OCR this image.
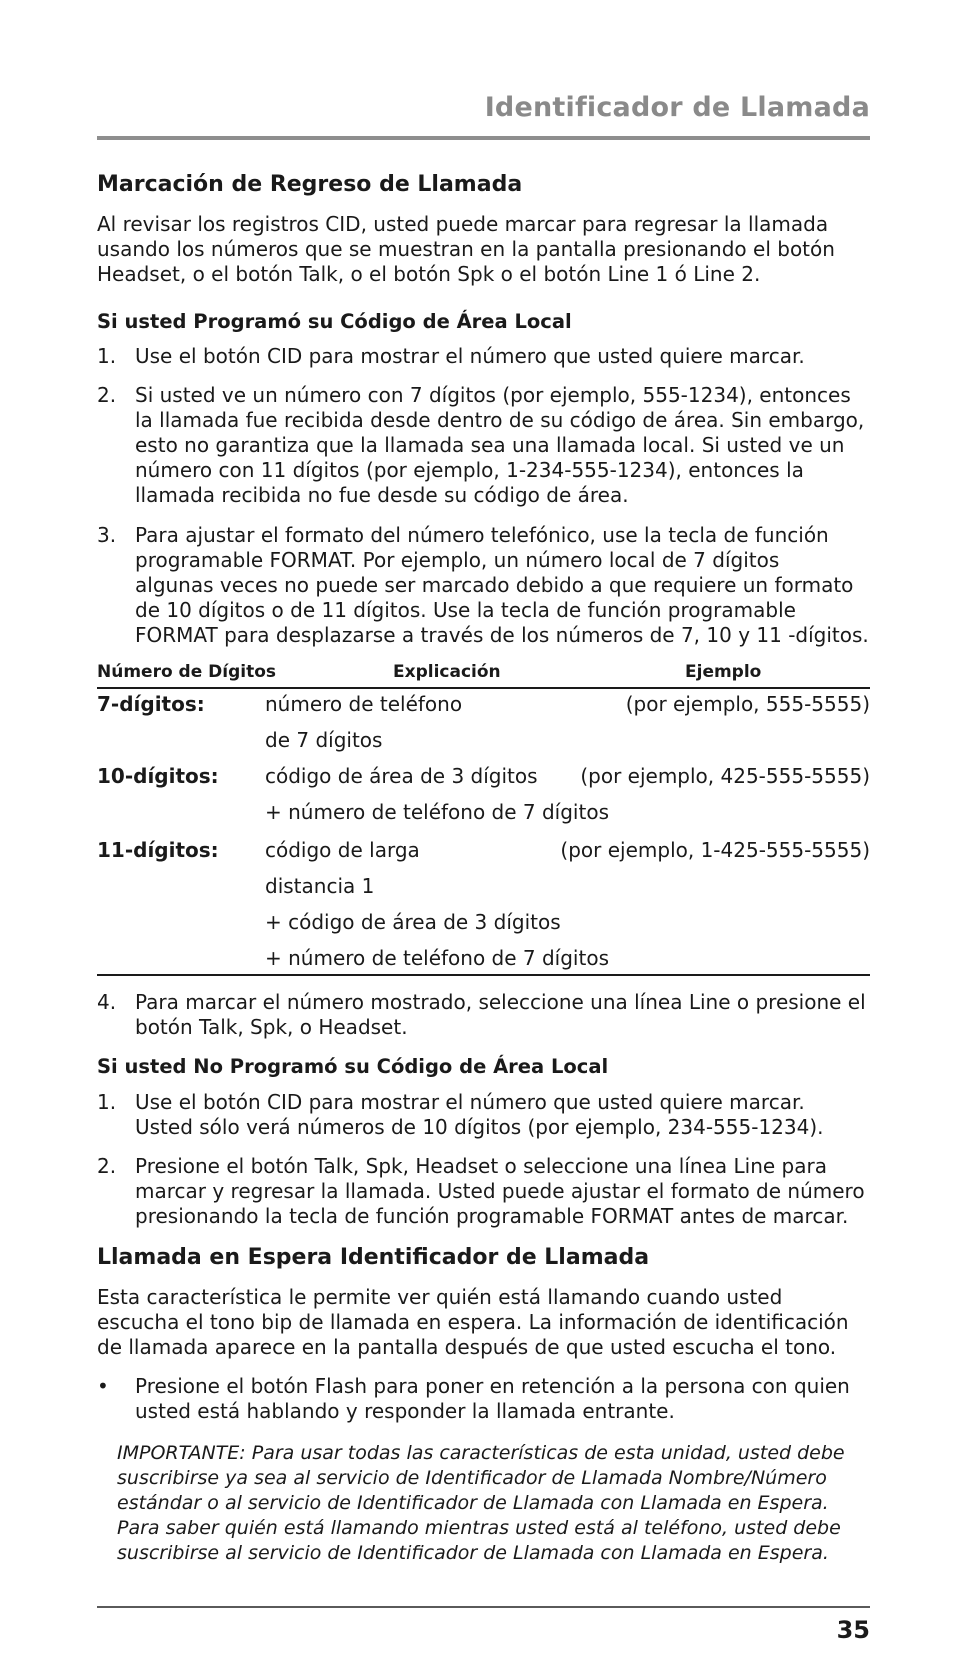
Identificador de Llamada
Marcación de Regreso de Llamada
Al revisar los registros CID, usted puede marcar para regresar la llamada
usando los números que se muestran en la pantalla presionando el botón
Headset, o el botón Talk, o el botón Spk o el botón Line 1 ó Line 2.
Si usted Programó su Código de Área Local
1. Use el botón CID para mostrar el número que usted quiere marcar.
2. Si usted ve un número con 7 dígitos (por ejemplo, 555-1234), entonces
la llamada fue recibida desde dentro de su código de área. Sin embargo,
esto no garantiza que la llamada sea una llamada local. Si usted ve un
número con 11 dígitos (por ejemplo, 1-234-555-1234), entonces la
llamada recibida no fue desde su código de área.
3. Para ajustar el formato del número telefónico, use la tecla de función
programable FORMAT. Por ejemplo, un número local de 7 dígitos
algunas veces no puede ser marcado debido a que requiere un formato
de 10 dígitos o de 11 dígitos. Use la tecla de función programable
FORMAT para desplazarse a través de los números de 7, 10 y 11 -dígitos.
Número de Dígitos	Explicación	Ejemplo
7-dígitos:	número de teléfono	(por ejemplo, 555-5555)
de 7 dígitos
10-dígitos: código de área de 3 dígitos (por ejemplo, 425-555-5555)
+ número de teléfono de 7 dígitos
11-dígitos: código de larga	(por ejemplo, 1-425-555-5555)
distancia 1
+ código de área de 3 dígitos
+ número de teléfono de 7 dígitos
4. Para marcar el número mostrado, seleccione una línea Line o presione el
botón Talk, Spk, o Headset.
Si usted No Programó su Código de Área Local
1. Use el botón CID para mostrar el número que usted quiere marcar.
Usted sólo verá números de 10 dígitos (por ejemplo, 234-555-1234).
2. Presione el botón Talk, Spk, Headset o seleccione una línea Line para
marcar y regresar la llamada. Usted puede ajustar el formato de número
presionando la tecla de función programable FORMAT antes de marcar.
Llamada en Espera Identificador de Llamada
Esta característica le permite ver quién está llamando cuando usted
escucha el tono bip de llamada en espera. La información de identificación
de llamada aparece en la pantalla después de que usted escucha el tono.
• Presione el botón Flash para poner en retención a la persona con quien
usted está hablando y responder la llamada entrante.
IMPORTANTE: Para usar todas las características de esta unidad, usted debe
suscribirse ya sea al servicio de Identificador de Llamada Nombre/Número
estándar o al servicio de Identificador de Llamada con Llamada en Espera.
Para saber quién está llamando mientras usted está al teléfono, usted debe
suscribirse al servicio de Identificador de Llamada con Llamada en Espera.
35
